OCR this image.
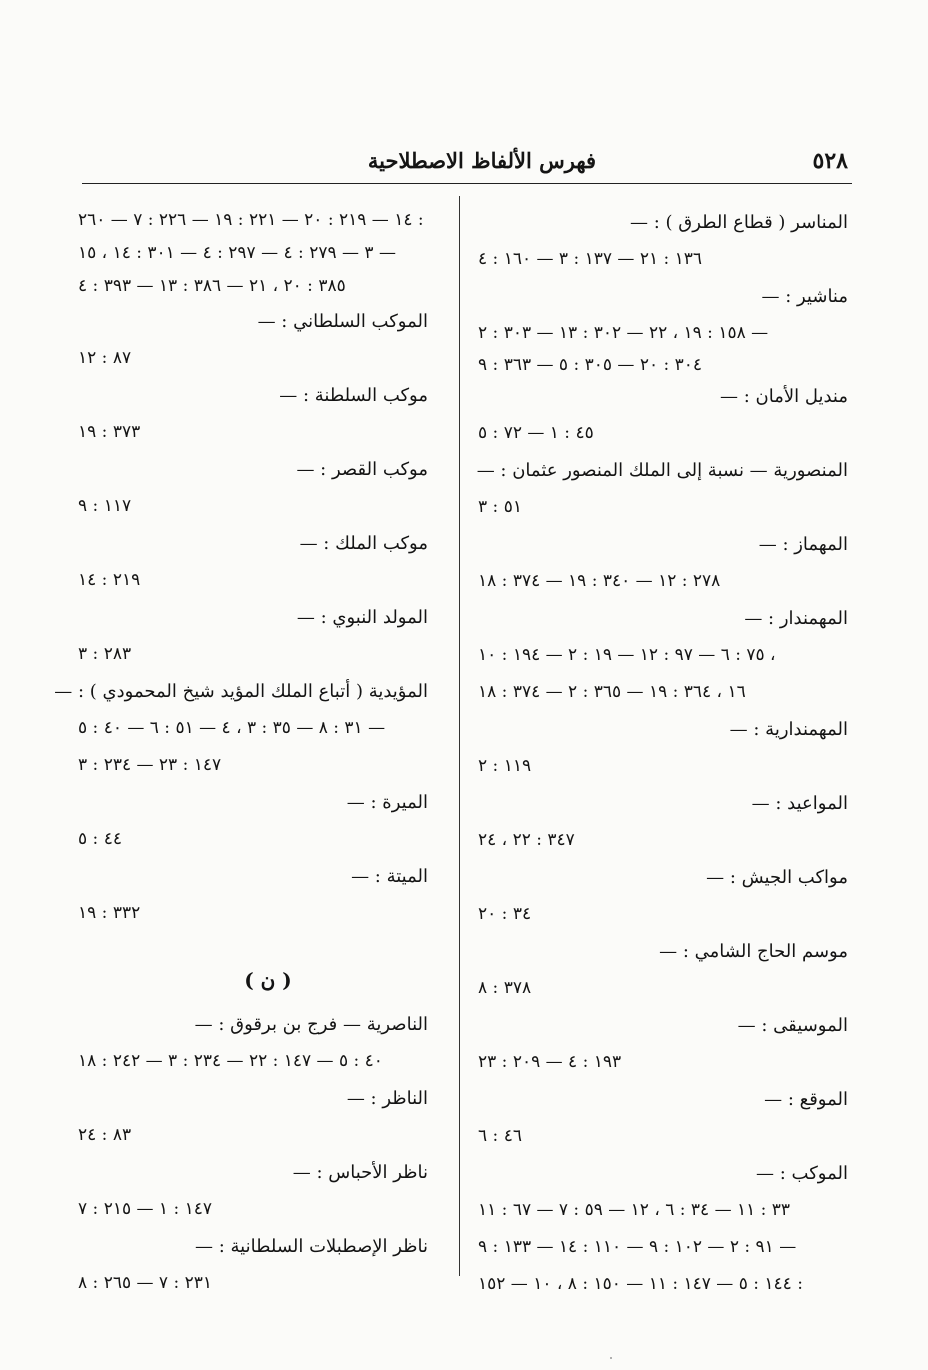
٥٢٨
فهرس الألفاظ الاصطلاحية
المناسر ( قطاع الطرق ) : —
١٣٦ : ٢١ — ١٣٧ : ٣ — ١٦٠ : ٤
مناشير : —
١٥٨ : ١٩ ، ٢٢ — ٣٠٢ : ١٣ — ٣٠٣ : ٢ —
٣٠٤ : ٢٠ — ٣٠٥ : ٥ — ٣٦٣ : ٩
منديل الأمان : —
٤٥ : ١ — ٧٢ : ٥
المنصورية — نسبة إلى الملك المنصور عثمان : —
٥١ : ٣
المهماز : —
٢٧٨ : ١٢ — ٣٤٠ : ١٩ — ٣٧٤ : ١٨
المهمندار : —
٧٥ : ٦ — ٩٧ : ١٢ — ١٩ : ٢ — ١٩٤ : ١٠ ،
١٦ ، ٣٦٤ : ١٩ — ٣٦٥ : ٢ — ٣٧٤ : ١٨
المهمندارية : —
١١٩ : ٢
المواعيد : —
٣٤٧ : ٢٢ ، ٢٤
مواكب الجيش : —
٣٤ : ٢٠
موسم الحاج الشامي : —
٣٧٨ : ٨
الموسيقى : —
١٩٣ : ٤ — ٢٠٩ : ٢٣
الموقع : —
٤٦ : ٦
الموكب : —
٣٣ : ١١ — ٣٤ : ٦ ، ١٢ — ٥٩ : ٧ — ٦٧ : ١١
٩١ : ٢ — ١٠٢ : ٩ — ١١٠ : ١٤ — ١٣٣ : ٩ —
١٤٤ : ٥ — ١٤٧ : ١١ — ١٥٠ : ٨ ، ١٠ — ١٥٢ :
١٤ — ٢١٩ : ٢٠ — ٢٢١ : ١٩ — ٢٢٦ : ٧ — ٢٦٠ :
٣ — ٢٧٩ : ٤ — ٢٩٧ : ٤ — ٣٠١ : ١٤ ، ١٥ —
٣٨٥ : ٢٠ ، ٢١ — ٣٨٦ : ١٣ — ٣٩٣ : ٤
الموكب السلطاني : —
٨٧ : ١٢
موكب السلطنة : —
٣٧٣ : ١٩
موكب القصر : —
١١٧ : ٩
موكب الملك : —
٢١٩ : ١٤
المولد النبوي : —
٢٨٣ : ٣
المؤيدية ( أتباع الملك المؤيد شيخ المحمودي ) : —
٣١ : ٨ — ٣٥ : ٣ ، ٤ — ٥١ : ٦ — ٤٠ : ٥ —
١٤٧ : ٢٣ — ٢٣٤ : ٣
الميرة : —
٤٤ : ٥
الميتة : —
٣٣٢ : ١٩
( ن )
الناصرية — فرج بن برقوق : —
٤٠ : ٥ — ١٤٧ : ٢٢ — ٢٣٤ : ٣ — ٢٤٢ : ١٨
الناظر : —
٨٣ : ٢٤
ناظر الأحباس : —
١٤٧ : ١ — ٢١٥ : ٧
ناظر الإصطبلات السلطانية : —
٢٣١ : ٧ — ٢٦٥ : ٨
